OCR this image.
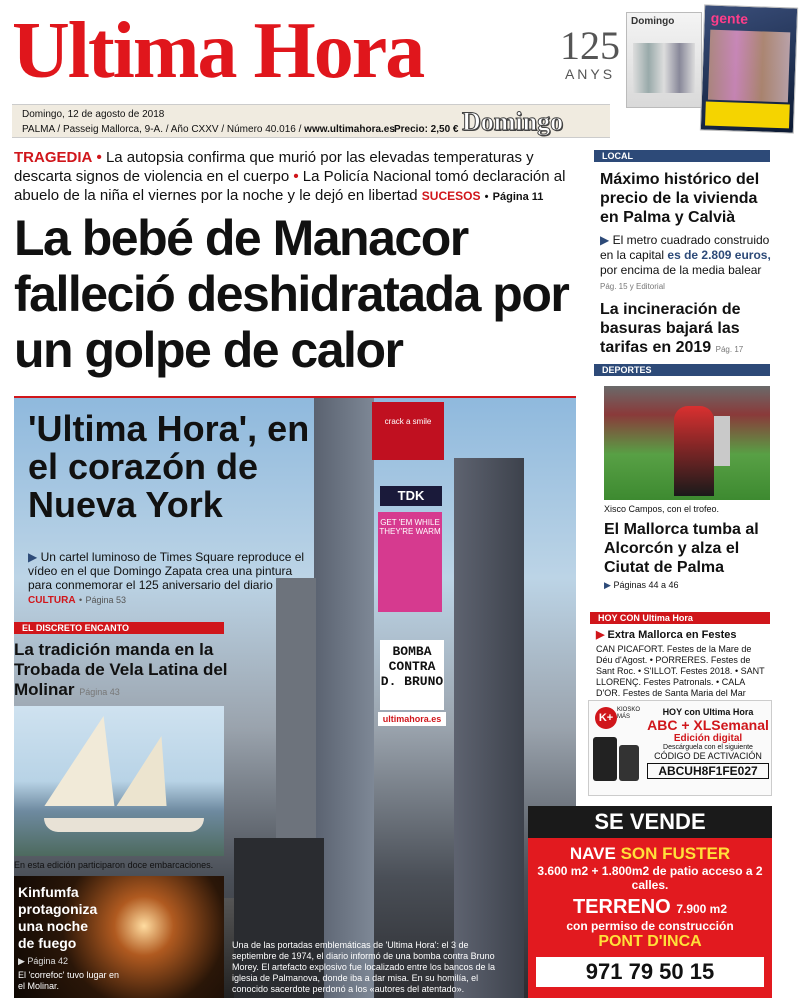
Ultima Hora	125
ANYS
Domingo	gente
Domingo, 12 de agosto de 2018
PALMA / Passeig Mallorca, 9-A. / Año CXXV / Número 40.016 / www.ultimahora.es Precio: 2,50 € Domingo
TRAGEDIA • La autopsia confirma que murió por las elevadas temperaturas y descarta signos de violencia en el cuerpo • La Policía Nacional tomó declaración al abuelo de la niña el viernes por la noche y le dejó en libertad SUCESOS • Página 11
La bebé de Manacor falleció deshidratada por un golpe de calor
LOCAL
Máximo histórico del precio de la vivienda en Palma y Calvià

▶ El metro cuadrado construido en la capital es de 2.809 euros, por encima de la media balear Pág. 15 y Editorial

La incineración de basuras bajará las tarifas en 2019 Pág. 17
DEPORTES
Xisco Campos, con el trofeo.
El Mallorca tumba al Alcorcón y alza el Ciutat de Palma
▶ Páginas 44 a 46
HOY CON Ultima Hora
▶ Extra Mallorca en Festes
CAN PICAFORT. Festes de la Mare de Déu d'Agost. • PORRERES. Festes de Sant Roc. • S'ILLOT. Festes 2018. • SANT LLORENÇ. Festes Patronals. • CALA D'OR. Festes de Santa Maria del Mar
K+
KIOSKO MÁS	HOY con Ultima Hora
ABC + XLSemanal
Edición digital
Descárguela con el siguiente
CÓDIGO DE ACTIVACIÓN
ABCUH8F1FE027
crack a smile
TDK
GET 'EM WHILE THEY'RE WARM
BOMBA CONTRA D. BRUNO
ultimahora.es
'Ultima Hora', en el corazón de Nueva York
▶ Un cartel luminoso de Times Square reproduce el vídeo en el que Domingo Zapata crea una pintura para conmemorar el 125 aniversario del diario CULTURA • Página 53
Una de las portadas emblemáticas de 'Ultima Hora': el 3 de septiembre de 1974, el diario informó de una bomba contra Bruno Morey. El artefacto explosivo fue localizado entre los bancos de la iglesia de Palmanova, donde iba a dar misa. En su homilía, el conocido sacerdote perdonó a los «autores del atentado».
EL DISCRETO ENCANTO
La tradición manda en la Trobada de Vela Latina del Molinar Página 43
En esta edición participaron doce embarcaciones.
Kinfumfa protagoniza una noche de fuego
▶ Página 42
El 'correfoc' tuvo lugar en el Molinar.
SE VENDE
NAVE SON FUSTER
3.600 m2 + 1.800m2 de patio acceso a 2 calles.
TERRENO 7.900 m2
con permiso de construcción
PONT D'INCA
971 79 50 15
